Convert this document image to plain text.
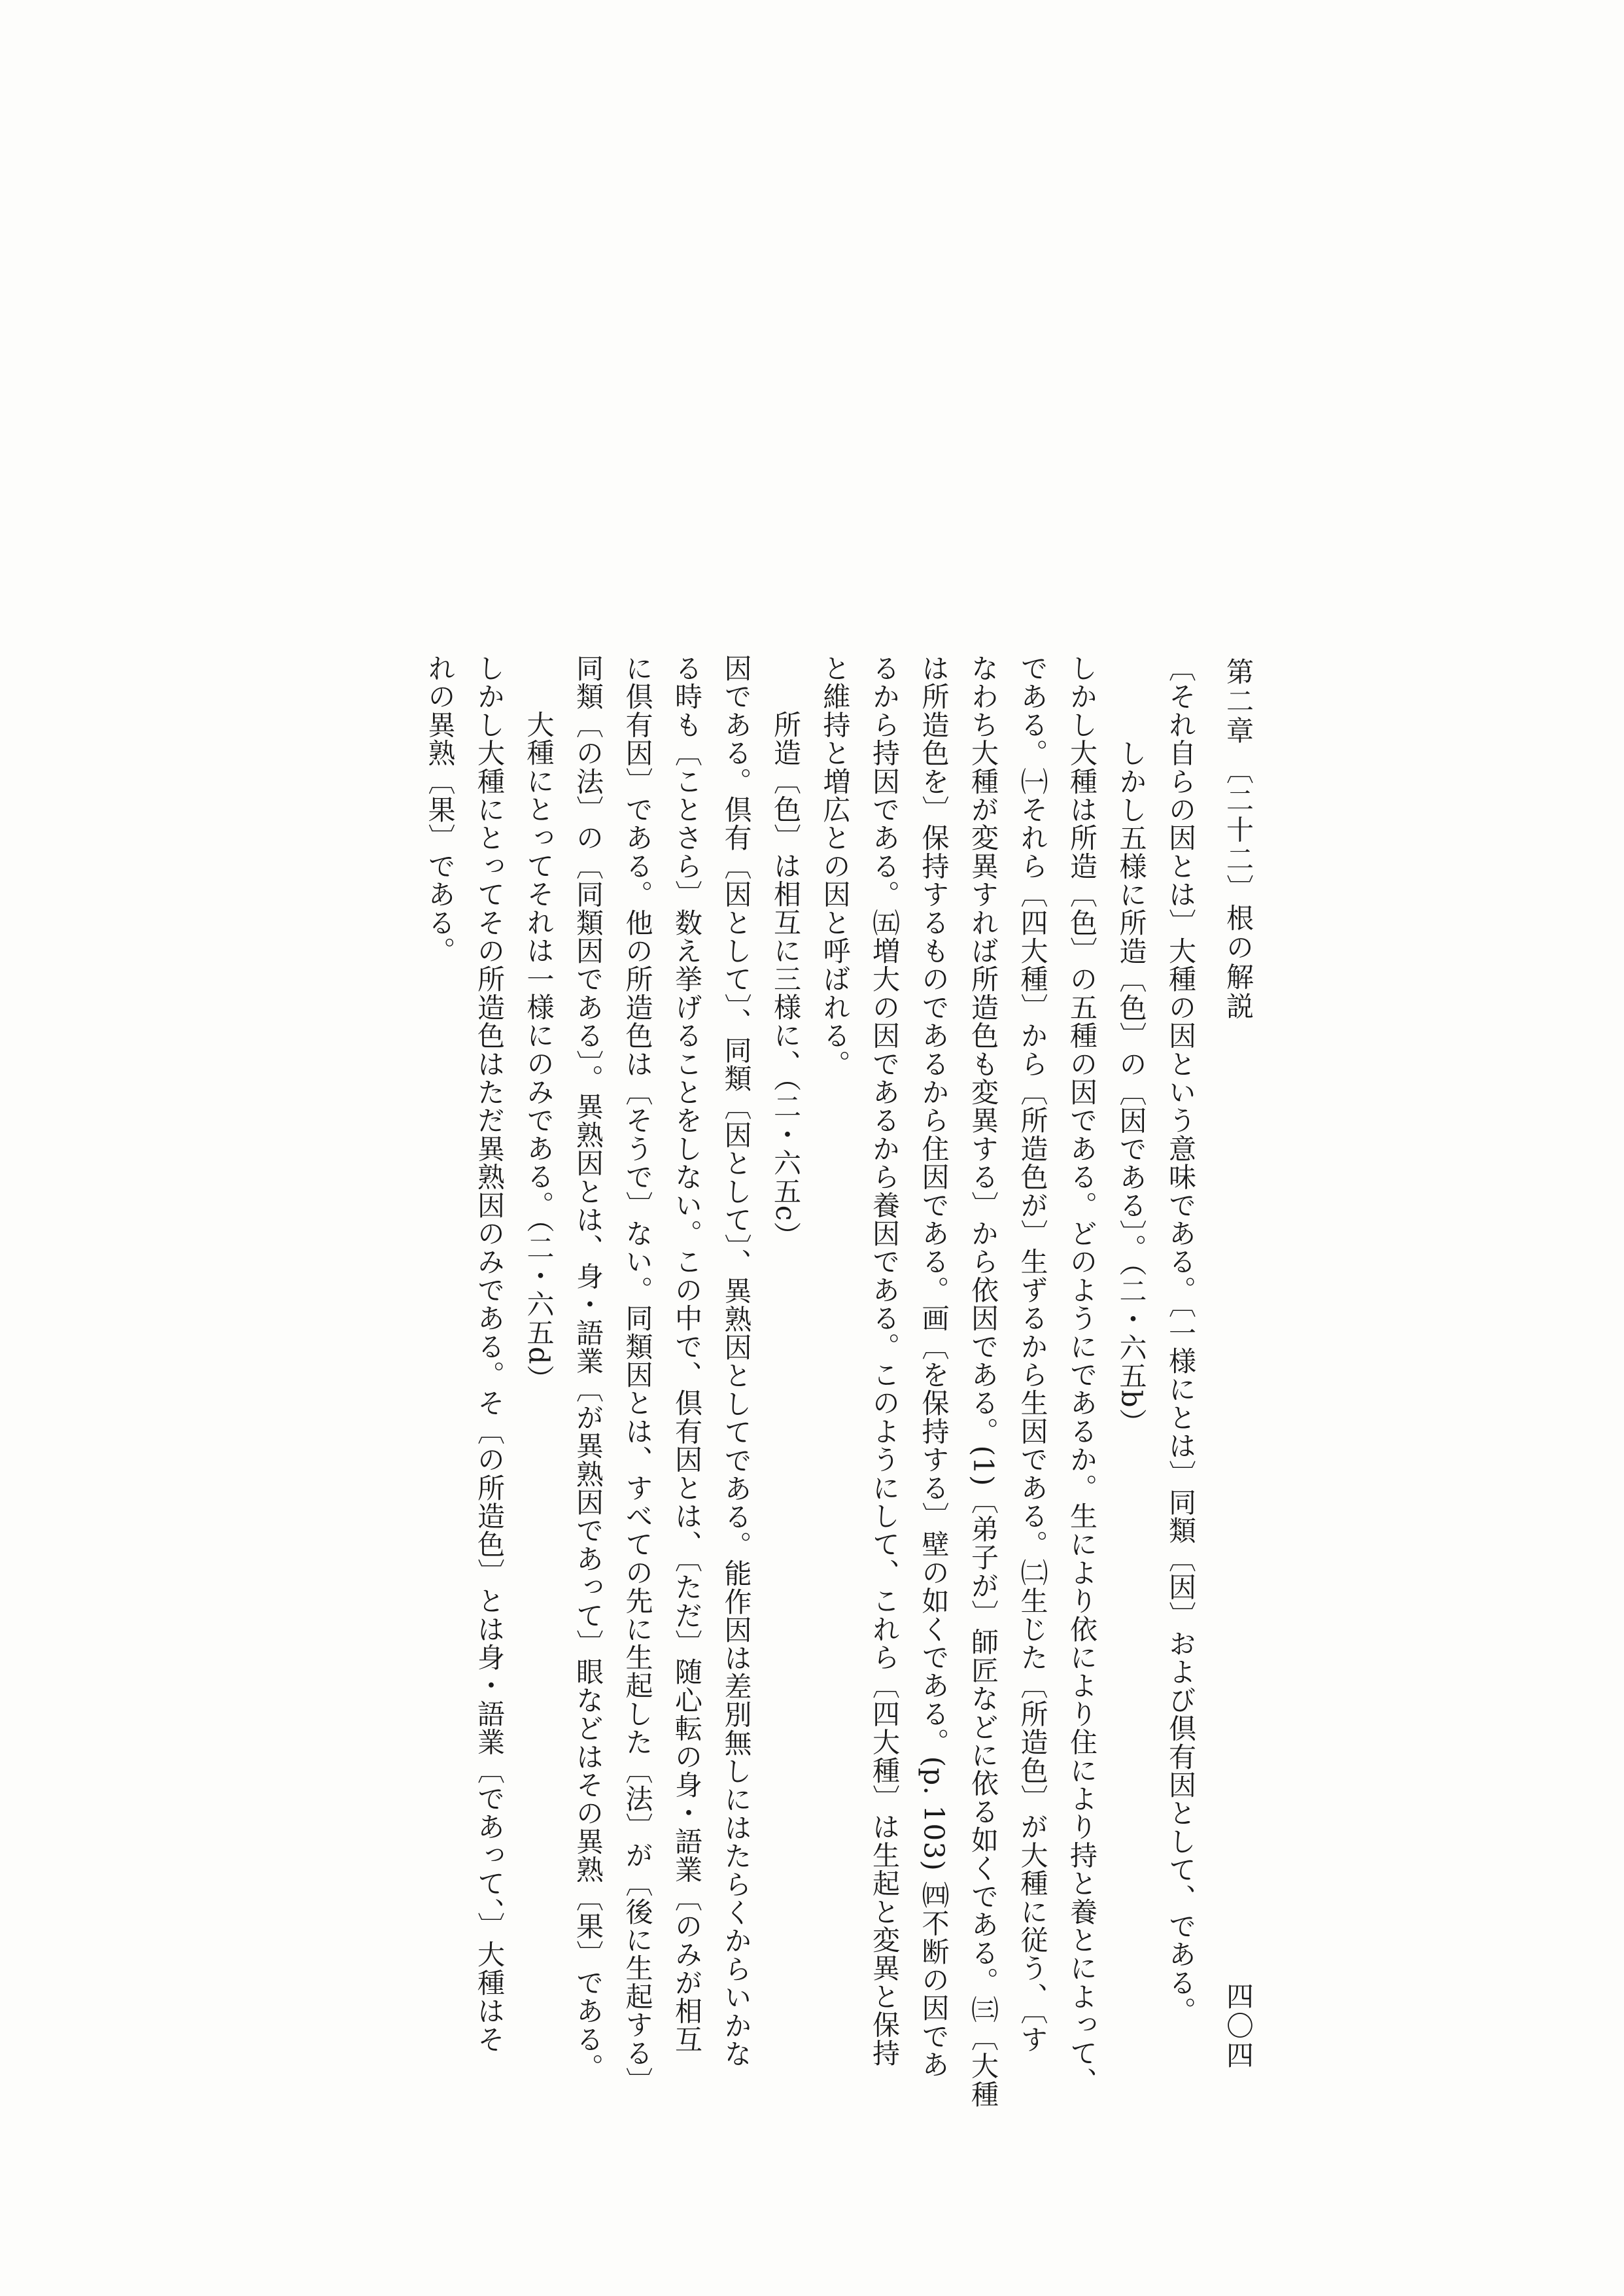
第二章 〔二十二〕根の解説
四〇四
〔それ自らの因とは〕大種の因という意味である。〔一様にとは〕同類〔因〕および倶有因として、である。
しかし五様に所造〔色〕の〔因である〕。（二・六五b）
しかし大種は所造〔色〕の五種の因である。どのようにであるか。生により依により住により持と養とによって、
である。㈠それら〔四大種〕から〔所造色が〕生ずるから生因である。㈡生じた〔所造色〕が大種に従う、〔す
なわち大種が変異すれば所造色も変異する〕から依因である。(1)〔弟子が〕師匠などに依る如くである。㈢〔大種
は所造色を〕保持するものであるから住因である。画〔を保持する〕壁の如くである。(p. 103) ㈣不断の因であ
るから持因である。㈤増大の因であるから養因である。このようにして、これら〔四大種〕は生起と変異と保持
と維持と増広との因と呼ばれる。
所造〔色〕は相互に三様に、（二・六五c）
因である。倶有〔因として〕、同類〔因として〕、異熟因としてである。能作因は差別無しにはたらくからいかな
る時も〔ことさら〕数え挙げることをしない。この中で、倶有因とは、〔ただ〕随心転の身・語業〔のみが相互
に倶有因〕である。他の所造色は〔そうで〕ない。同類因とは、すべての先に生起した〔法〕が〔後に生起する〕
同類〔の法〕の〔同類因である〕。異熟因とは、身・語業〔が異熟因であって〕眼などはその異熟〔果〕である。
大種にとってそれは一様にのみである。（二・六五d）
しかし大種にとってその所造色はただ異熟因のみである。そ〔の所造色〕とは身・語業〔であって、〕大種はそ
れの異熟〔果〕である。
